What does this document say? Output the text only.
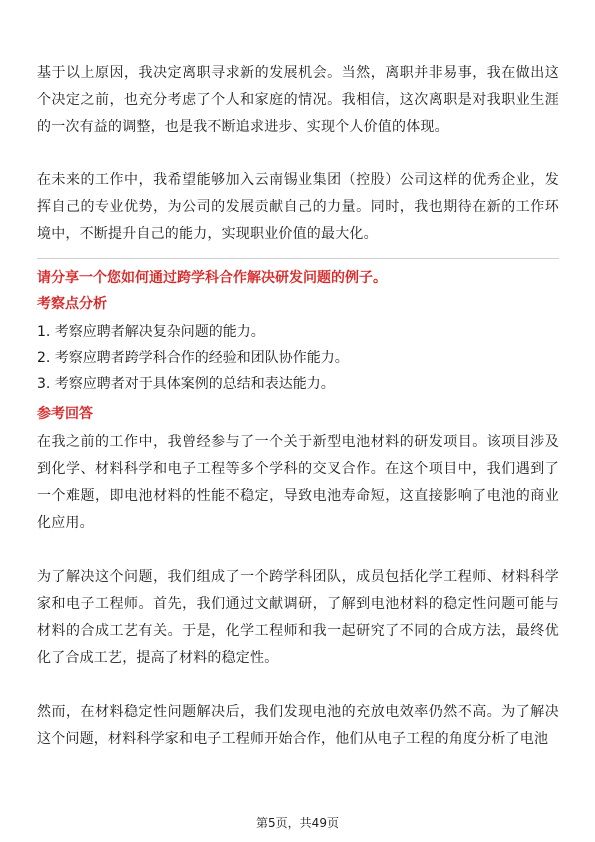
基于以上原因，我决定离职寻求新的发展机会。当然，离职并非易事，我在做出这个决定之前，也充分考虑了个人和家庭的情况。我相信，这次离职是对我职业生涯的一次有益的调整，也是我不断追求进步、实现个人价值的体现。

在未来的工作中，我希望能够加入云南锡业集团（控股）公司这样的优秀企业，发挥自己的专业优势，为公司的发展贡献自己的力量。同时，我也期待在新的工作环境中，不断提升自己的能力，实现职业价值的最大化。

请分享一个您如何通过跨学科合作解决研发问题的例子。

考察点分析

1. 考察应聘者解决复杂问题的能力。

2. 考察应聘者跨学科合作的经验和团队协作能力。

3. 考察应聘者对于具体案例的总结和表达能力。

参考回答

在我之前的工作中，我曾经参与了一个关于新型电池材料的研发项目。该项目涉及到化学、材料科学和电子工程等多个学科的交叉合作。在这个项目中，我们遇到了一个难题，即电池材料的性能不稳定，导致电池寿命短，这直接影响了电池的商业化应用。

为了解决这个问题，我们组成了一个跨学科团队，成员包括化学工程师、材料科学家和电子工程师。首先，我们通过文献调研，了解到电池材料的稳定性问题可能与材料的合成工艺有关。于是，化学工程师和我一起研究了不同的合成方法，最终优化了合成工艺，提高了材料的稳定性。

然而，在材料稳定性问题解决后，我们发现电池的充放电效率仍然不高。为了解决这个问题，材料科学家和电子工程师开始合作，他们从电子工程的角度分析了电池

第5页，共49页
